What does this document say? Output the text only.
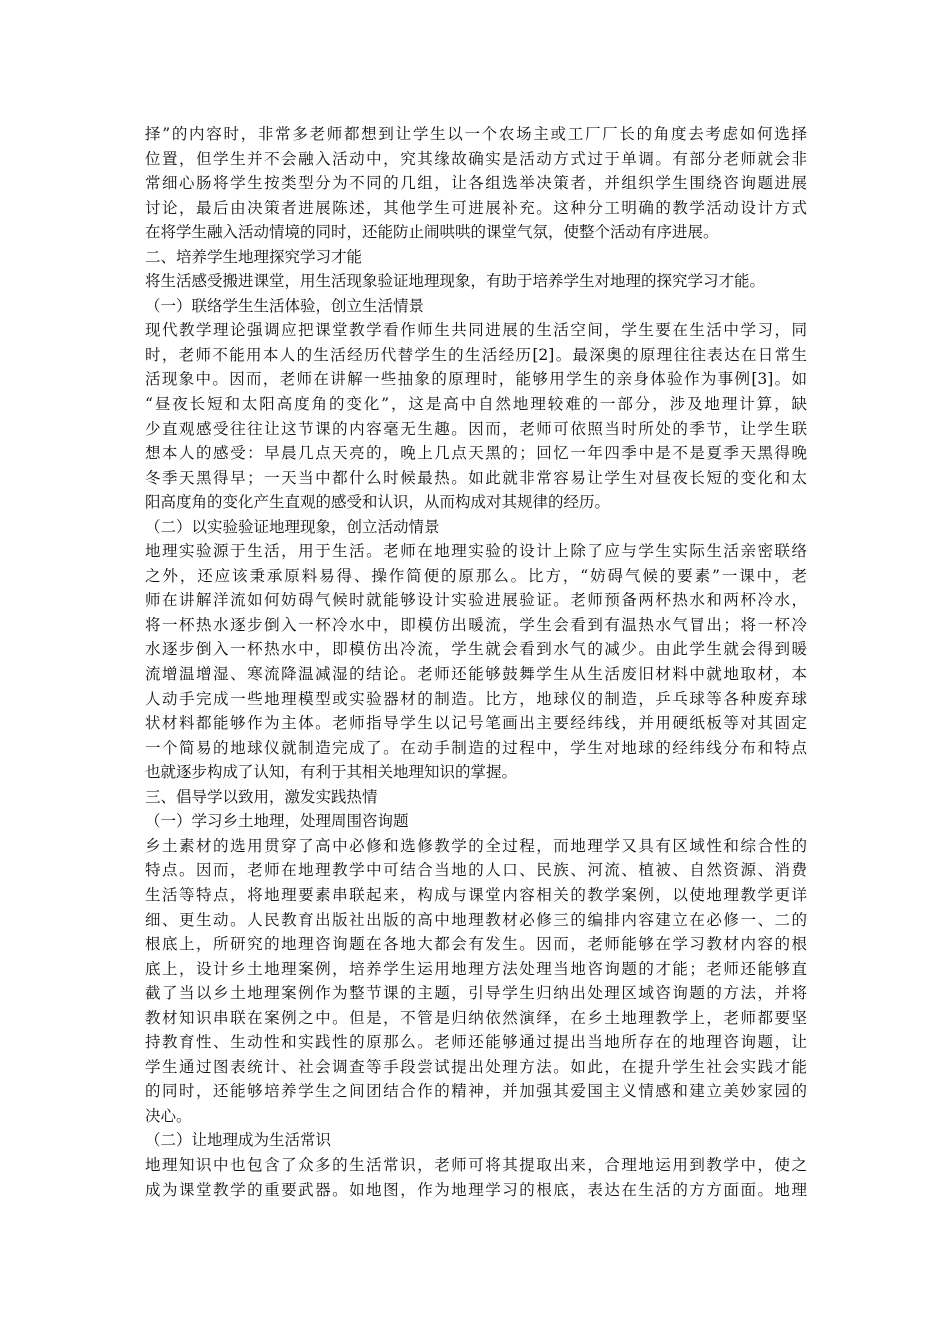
择”的内容时，非常多老师都想到让学生以一个农场主或工厂厂长的角度去考虑如何选择
位置，但学生并不会融入活动中，究其缘故确实是活动方式过于单调。有部分老师就会非
常细心肠将学生按类型分为不同的几组，让各组选举决策者，并组织学生围绕咨询题进展
讨论，最后由决策者进展陈述，其他学生可进展补充。这种分工明确的教学活动设计方式
在将学生融入活动情境的同时，还能防止闹哄哄的课堂气氛，使整个活动有序进展。

二、培养学生地理探究学习才能

将生活感受搬进课堂，用生活现象验证地理现象，有助于培养学生对地理的探究学习才能。

（一）联络学生生活体验，创立生活情景

现代教学理论强调应把课堂教学看作师生共同进展的生活空间，学生要在生活中学习，同
时，老师不能用本人的生活经历代替学生的生活经历[2]。最深奥的原理往往表达在日常生
活现象中。因而，老师在讲解一些抽象的原理时，能够用学生的亲身体验作为事例[3]。如
“昼夜长短和太阳高度角的变化”，这是高中自然地理较难的一部分，涉及地理计算，缺
少直观感受往往让这节课的内容毫无生趣。因而，老师可依照当时所处的季节，让学生联
想本人的感受：早晨几点天亮的，晚上几点天黑的；回忆一年四季中是不是夏季天黑得晚
冬季天黑得早；一天当中都什么时候最热。如此就非常容易让学生对昼夜长短的变化和太
阳高度角的变化产生直观的感受和认识，从而构成对其规律的经历。

（二）以实验验证地理现象，创立活动情景

地理实验源于生活，用于生活。老师在地理实验的设计上除了应与学生实际生活亲密联络
之外，还应该秉承原料易得、操作简便的原那么。比方，“妨碍气候的要素”一课中，老
师在讲解洋流如何妨碍气候时就能够设计实验进展验证。老师预备两杯热水和两杯冷水，
将一杯热水逐步倒入一杯冷水中，即模仿出暖流，学生会看到有温热水气冒出；将一杯冷
水逐步倒入一杯热水中，即模仿出冷流，学生就会看到水气的减少。由此学生就会得到暖
流增温增湿、寒流降温减湿的结论。老师还能够鼓舞学生从生活废旧材料中就地取材，本
人动手完成一些地理模型或实验器材的制造。比方，地球仪的制造，乒乓球等各种废弃球
状材料都能够作为主体。老师指导学生以记号笔画出主要经纬线，并用硬纸板等对其固定
一个简易的地球仪就制造完成了。在动手制造的过程中，学生对地球的经纬线分布和特点
也就逐步构成了认知，有利于其相关地理知识的掌握。

三、倡导学以致用，激发实践热情
（一）学习乡土地理，处理周围咨询题

乡土素材的选用贯穿了高中必修和选修教学的全过程，而地理学又具有区域性和综合性的
特点。因而，老师在地理教学中可结合当地的人口、民族、河流、植被、自然资源、消费
生活等特点，将地理要素串联起来，构成与课堂内容相关的教学案例，以使地理教学更详
细、更生动。人民教育出版社出版的高中地理教材必修三的编排内容建立在必修一、二的
根底上，所研究的地理咨询题在各地大都会有发生。因而，老师能够在学习教材内容的根
底上，设计乡土地理案例，培养学生运用地理方法处理当地咨询题的才能；老师还能够直
截了当以乡土地理案例作为整节课的主题，引导学生归纳出处理区域咨询题的方法，并将
教材知识串联在案例之中。但是，不管是归纳依然演绎，在乡土地理教学上，老师都要坚
持教育性、生动性和实践性的原那么。老师还能够通过提出当地所存在的地理咨询题，让
学生通过图表统计、社会调查等手段尝试提出处理方法。如此，在提升学生社会实践才能
的同时，还能够培养学生之间团结合作的精神，并加强其爱国主义情感和建立美妙家园的
决心。

（二）让地理成为生活常识

地理知识中也包含了众多的生活常识，老师可将其提取出来，合理地运用到教学中，使之
成为课堂教学的重要武器。如地图，作为地理学习的根底，表达在生活的方方面面。地理
